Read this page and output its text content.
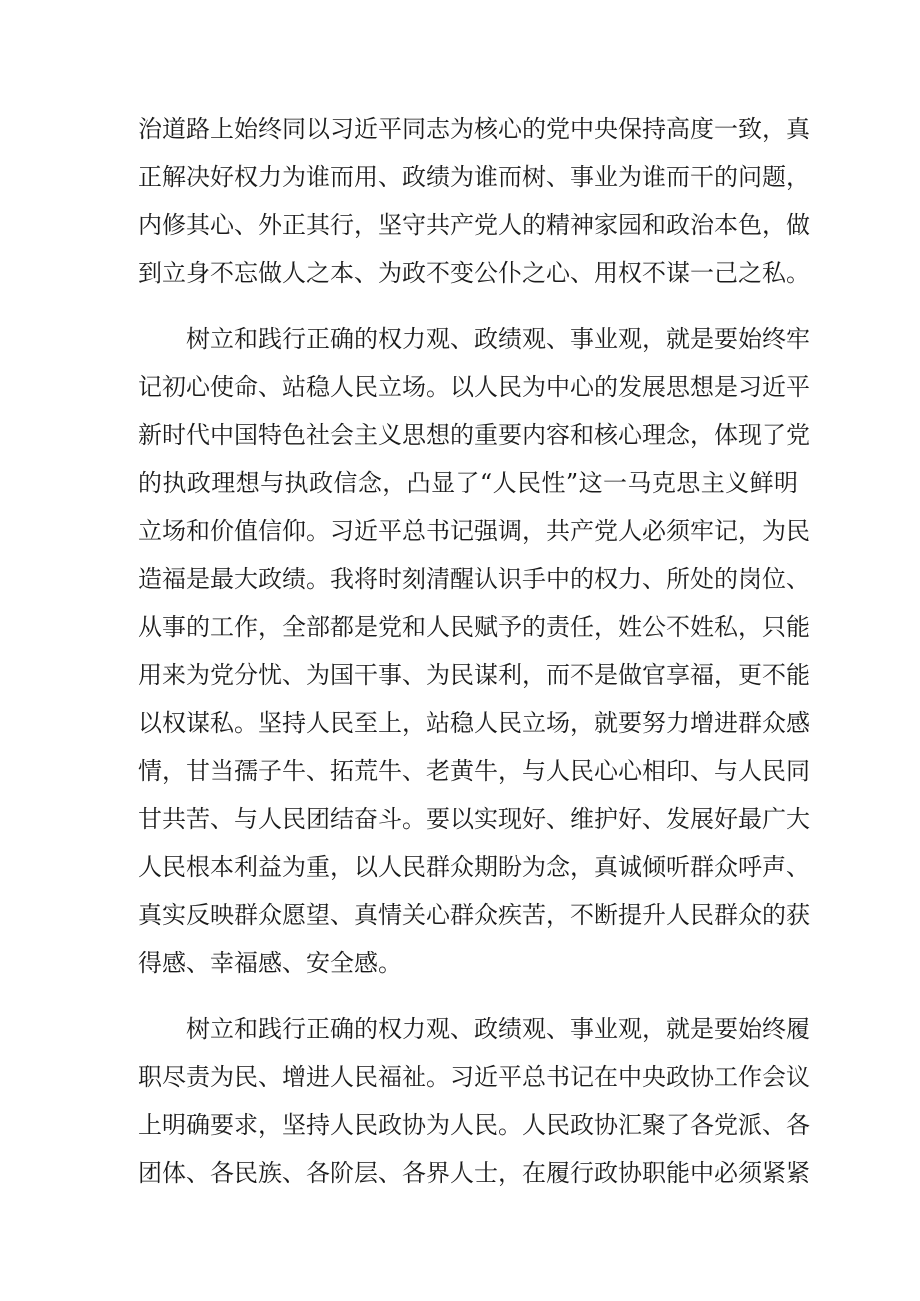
治道路上始终同以习近平同志为核心的党中央保持高度一致，真
正解决好权力为谁而用、政绩为谁而树、事业为谁而干的问题，
内修其心、外正其行，坚守共产党人的精神家园和政治本色，做
到立身不忘做人之本、为政不变公仆之心、用权不谋一己之私。
树立和践行正确的权力观、政绩观、事业观，就是要始终牢
记初心使命、站稳人民立场。以人民为中心的发展思想是习近平
新时代中国特色社会主义思想的重要内容和核心理念，体现了党
的执政理想与执政信念，凸显了“人民性”这一马克思主义鲜明
立场和价值信仰。习近平总书记强调，共产党人必须牢记，为民
造福是最大政绩。我将时刻清醒认识手中的权力、所处的岗位、
从事的工作，全部都是党和人民赋予的责任，姓公不姓私，只能
用来为党分忧、为国干事、为民谋利，而不是做官享福，更不能
以权谋私。坚持人民至上，站稳人民立场，就要努力增进群众感
情，甘当孺子牛、拓荒牛、老黄牛，与人民心心相印、与人民同
甘共苦、与人民团结奋斗。要以实现好、维护好、发展好最广大
人民根本利益为重，以人民群众期盼为念，真诚倾听群众呼声、
真实反映群众愿望、真情关心群众疾苦，不断提升人民群众的获
得感、幸福感、安全感。
树立和践行正确的权力观、政绩观、事业观，就是要始终履
职尽责为民、增进人民福祉。习近平总书记在中央政协工作会议
上明确要求，坚持人民政协为人民。人民政协汇聚了各党派、各
团体、各民族、各阶层、各界人士，在履行政协职能中必须紧紧
